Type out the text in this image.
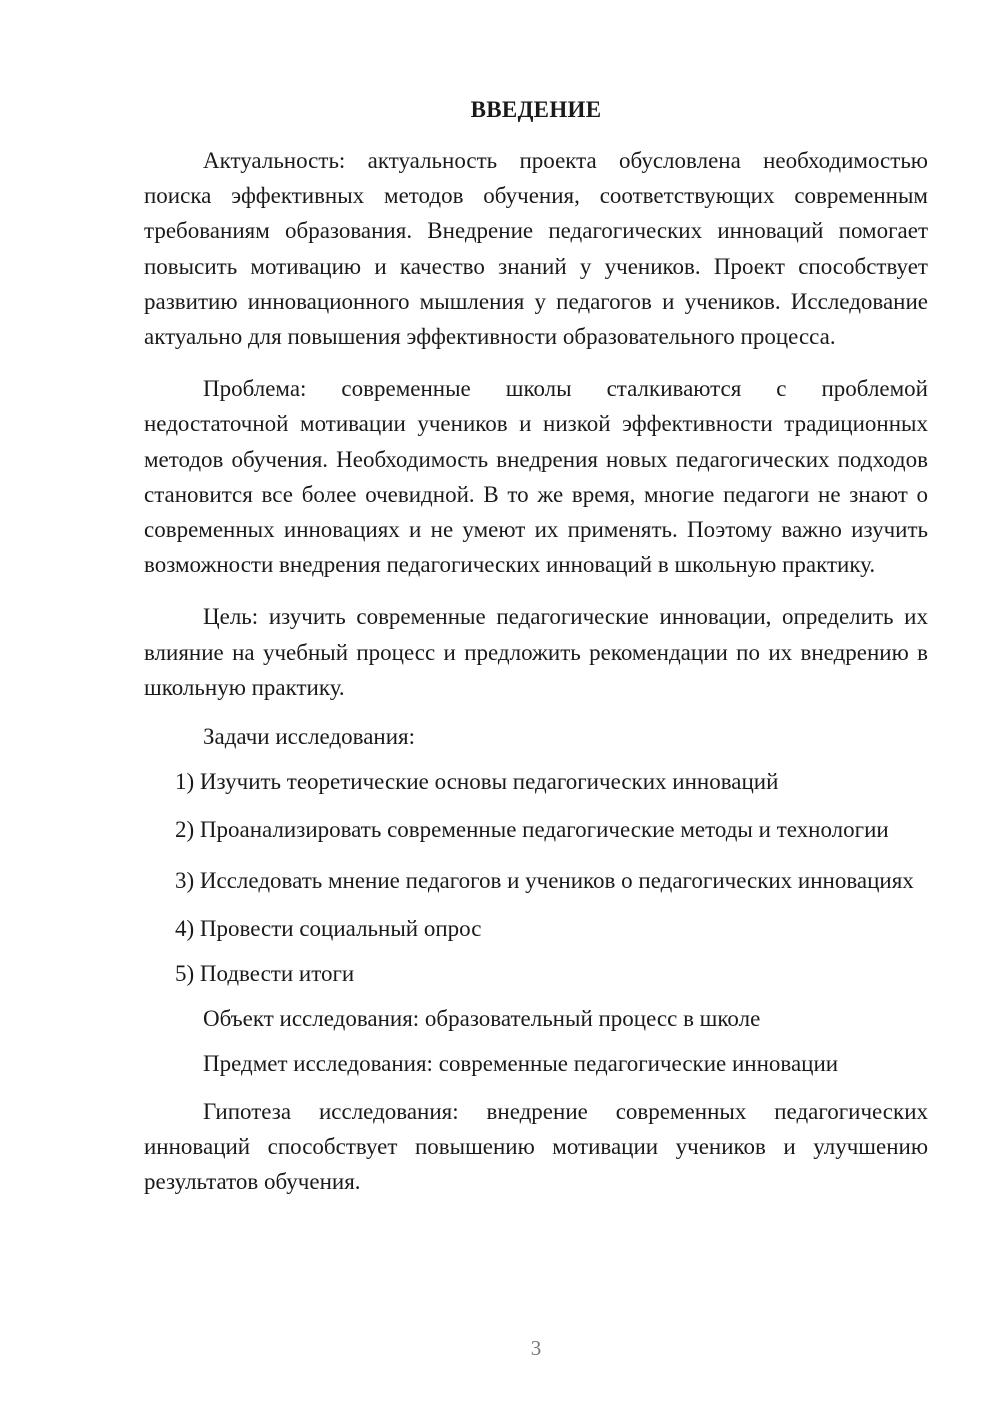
ВВЕДЕНИЕ

Актуальность: актуальность проекта обусловлена необходимостью поиска эффективных методов обучения, соответствующих современным требованиям образования. Внедрение педагогических инноваций помогает повысить мотивацию и качество знаний у учеников. Проект способствует развитию инновационного мышления у педагогов и учеников. Исследование актуально для повышения эффективности образовательного процесса.

Проблема: современные школы сталкиваются с проблемой недостаточной мотивации учеников и низкой эффективности традиционных методов обучения. Необходимость внедрения новых педагогических подходов становится все более очевидной. В то же время, многие педагоги не знают о современных инновациях и не умеют их применять. Поэтому важно изучить возможности внедрения педагогических инноваций в школьную практику.

Цель: изучить современные педагогические инновации, определить их влияние на учебный процесс и предложить рекомендации по их внедрению в школьную практику.

Задачи исследования:

1) Изучить теоретические основы педагогических инноваций

2) Проанализировать современные педагогические методы и технологии

3) Исследовать мнение педагогов и учеников о педагогических инновациях

4) Провести социальный опрос

5) Подвести итоги

Объект исследования: образовательный процесс в школе

Предмет исследования: современные педагогические инновации

Гипотеза исследования: внедрение современных педагогических инноваций способствует повышению мотивации учеников и улучшению результатов обучения.

3
